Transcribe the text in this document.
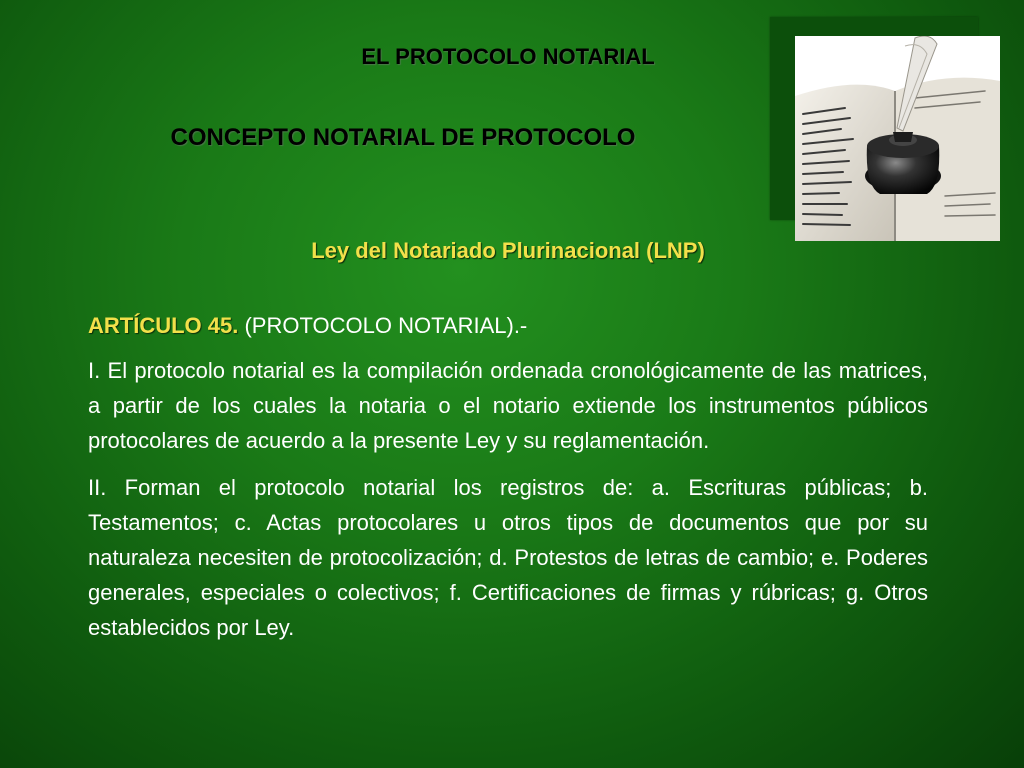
EL PROTOCOLO NOTARIAL
CONCEPTO NOTARIAL DE PROTOCOLO
Ley del Notariado Plurinacional (LNP)
ARTÍCULO 45. (PROTOCOLO NOTARIAL).-

I. El protocolo notarial es la compilación ordenada cronológicamente de las matrices, a partir de los cuales la notaria o el notario extiende los instrumentos públicos protocolares de acuerdo a la presente Ley y su reglamentación.

II. Forman el protocolo notarial los registros de: a. Escrituras públicas; b. Testamentos; c. Actas protocolares u otros tipos de documentos que por su naturaleza necesiten de protocolización; d. Protestos de letras de cambio; e. Poderes generales, especiales o colectivos; f. Certificaciones de firmas y rúbricas; g. Otros establecidos por Ley.
